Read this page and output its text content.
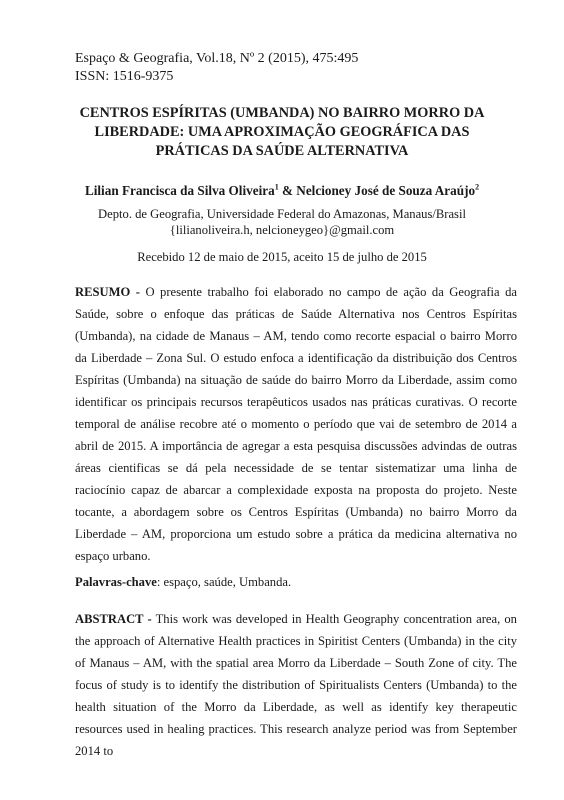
Espaço & Geografia, Vol.18, Nº 2 (2015), 475:495
ISSN: 1516-9375
CENTROS ESPÍRITAS (UMBANDA) NO BAIRRO MORRO DA LIBERDADE: UMA APROXIMAÇÃO GEOGRÁFICA DAS PRÁTICAS DA SAÚDE ALTERNATIVA
Lilian Francisca da Silva Oliveira$^1$ & Nelcioney José de Souza Araújo$^2$
Depto. de Geografia, Universidade Federal do Amazonas, Manaus/Brasil
{lilianoliveira.h, nelcioneygeo}@gmail.com
Recebido 12 de maio de 2015, aceito 15 de julho de 2015
RESUMO - O presente trabalho foi elaborado no campo de ação da Geografia da Saúde, sobre o enfoque das práticas de Saúde Alternativa nos Centros Espíritas (Umbanda), na cidade de Manaus – AM, tendo como recorte espacial o bairro Morro da Liberdade – Zona Sul. O estudo enfoca a identificação da distribuição dos Centros Espíritas (Umbanda) na situação de saúde do bairro Morro da Liberdade, assim como identificar os principais recursos terapêuticos usados nas práticas curativas. O recorte temporal de análise recobre até o momento o período que vai de setembro de 2014 a abril de 2015. A importância de agregar a esta pesquisa discussões advindas de outras áreas cientificas se dá pela necessidade de se tentar sistematizar uma linha de raciocínio capaz de abarcar a complexidade exposta na proposta do projeto. Neste tocante, a abordagem sobre os Centros Espíritas (Umbanda) no bairro Morro da Liberdade – AM, proporciona um estudo sobre a prática da medicina alternativa no espaço urbano.
Palavras-chave: espaço, saúde, Umbanda.
ABSTRACT - This work was developed in Health Geography concentration area, on the approach of Alternative Health practices in Spiritist Centers (Umbanda) in the city of Manaus – AM, with the spatial area Morro da Liberdade – South Zone of city. The focus of study is to identify the distribution of Spiritualists Centers (Umbanda) to the health situation of the Morro da Liberdade, as well as identify key therapeutic resources used in healing practices. This research analyze period was from September 2014 to
